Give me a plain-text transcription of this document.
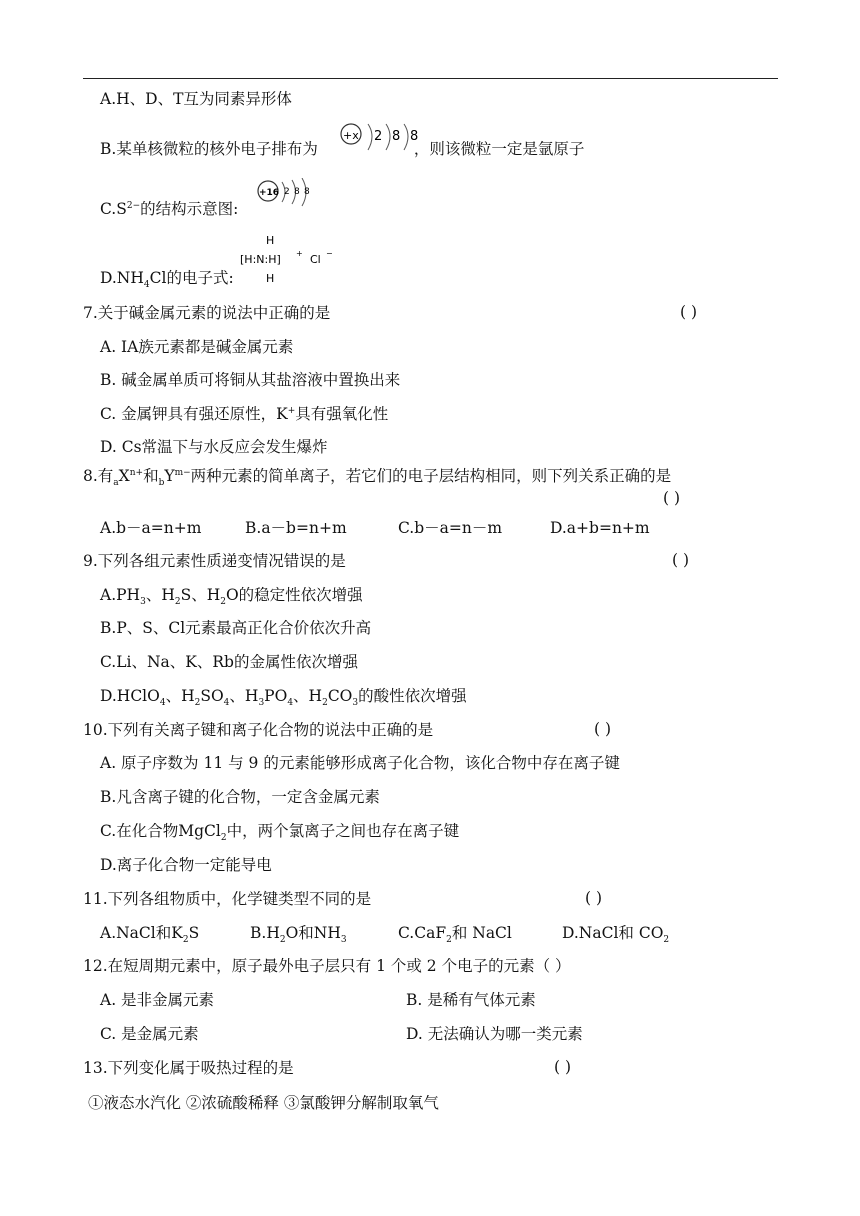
A.H、D、T互为同素异形体
B.某单核微粒的核外电子排布为	，则该微粒一定是氩原子
+x 2 8 8
$C.S^{2-}$的结构示意图:
+16 2 8 8
$D.NH_4Cl$的电子式:
H
[H:N:H] +
H
Cl −
7.关于碱金属元素的说法中正确的是	( )
A. ⅠA族元素都是碱金属元素
B. 碱金属单质可将铜从其盐溶液中置换出来
C. 金属钾具有强还原性，K+具有强氧化性
D. Cs常温下与水反应会发生爆炸
8.有$_aX^{n+}$和$_bY^{m-}$两种元素的简单离子，若它们的电子层结构相同，则下列关系正确的是
( )
A.b－a=n+m	B.a－b=n+m	C.b－a=n－m	D.a+b=n+m
9.下列各组元素性质递变情况错误的是	( )
$A.PH_3$、$H_2S$、$H_2O$的稳定性依次增强
B.P、S、Cl元素最高正化合价依次升高
C.Li、Na、K、Rb的金属性依次增强
D.HClO$_4$、$H_2SO_4$、$H_3PO_4$、$H_2CO_3$的酸性依次增强
10.下列有关离子键和离子化合物的说法中正确的是	( )
A. 原子序数为 11 与 9 的元素能够形成离子化合物，该化合物中存在离子键
B.凡含离子键的化合物，一定含金属元素
C.在化合物MgCl$_2$中，两个氯离子之间也存在离子键
D.离子化合物一定能导电
11.下列各组物质中，化学键类型不同的是	( )
A.NaCl和$K_2S$	$B.H_2O$和$NH_3$	C.CaF$_2$和 NaCl	D.NaCl和 $CO_2$
12.在短周期元素中，原子最外电子层只有 1 个或 2 个电子的元素（ ）
A. 是非金属元素	B. 是稀有气体元素
C. 是金属元素	D. 无法确认为哪一类元素
13.下列变化属于吸热过程的是	( )
①液态水汽化 ②浓硫酸稀释 ③氯酸钾分解制取氧气
